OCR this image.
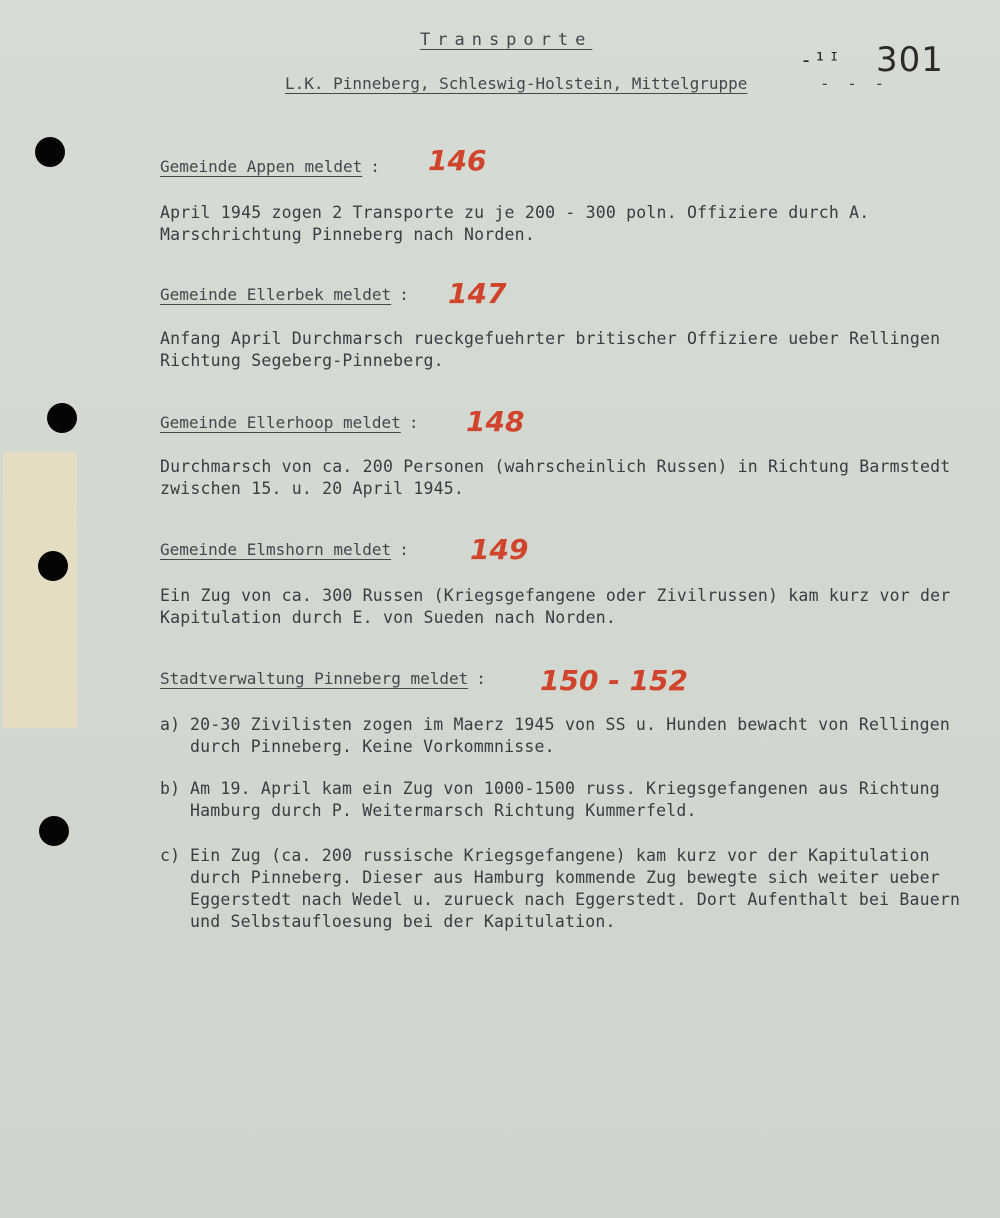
Transporte
L.K. Pinneberg, Schleswig-Holstein, Mittelgruppe
-¹ᴵ
- - -
301
Gemeinde Appen meldet : 146
April 1945 zogen 2 Transporte zu je 200 - 300 poln. Offiziere durch A. Marschrichtung Pinneberg nach Norden.
Gemeinde Ellerbek meldet : 147
Anfang April Durchmarsch rueckgefuehrter britischer Offiziere ueber Rellingen Richtung Segeberg-Pinneberg.
Gemeinde Ellerhoop meldet : 148
Durchmarsch von ca. 200 Personen (wahrscheinlich Russen) in Richtung Barmstedt zwischen 15. u. 20 April 1945.
Gemeinde Elmshorn meldet : 149
Ein Zug von ca. 300 Russen (Kriegsgefangene oder Zivilrussen) kam kurz vor der Kapitulation durch E. von Sueden nach Norden.
Stadtverwaltung Pinneberg meldet : 150 - 152
a) 20-30 Zivilisten zogen im Maerz 1945 von SS u. Hunden bewacht von Rellingen durch Pinneberg. Keine Vorkommnisse.
b) Am 19. April kam ein Zug von 1000-1500 russ. Kriegsgefangenen aus Richtung Hamburg durch P. Weitermarsch Richtung Kummerfeld.
c) Ein Zug (ca. 200 russische Kriegsgefangene) kam kurz vor der Kapitulation durch Pinneberg. Dieser aus Hamburg kommende Zug bewegte sich weiter ueber Eggerstedt nach Wedel u. zurueck nach Eggerstedt. Dort Aufenthalt bei Bauern und Selbstaufloesung bei der Kapitulation.
